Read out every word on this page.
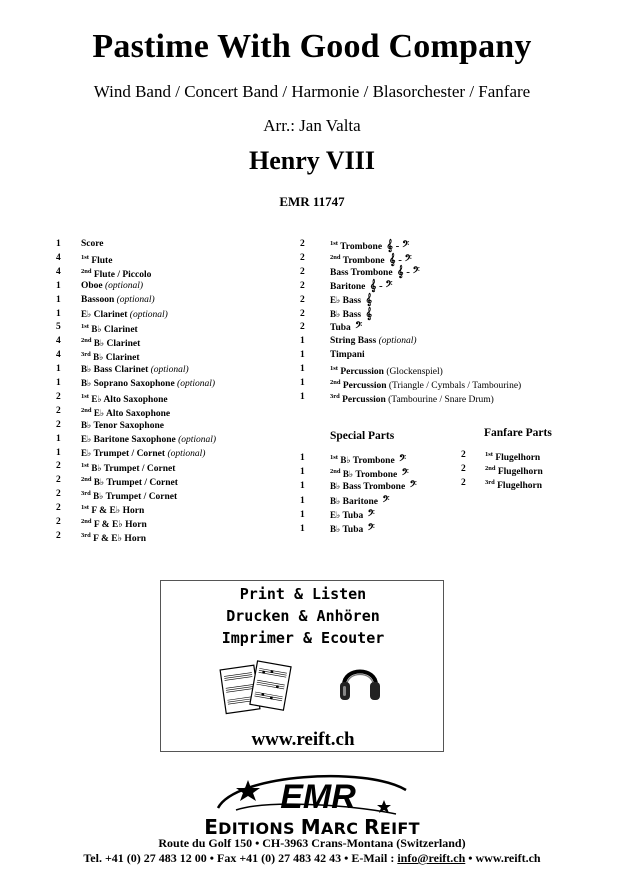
Pastime With Good Company
Wind Band / Concert Band / Harmonie / Blasorchester / Fanfare
Arr.: Jan Valta
Henry VIII
EMR 11747
1 Score
4	$^{1st}$ Flute
4	$^{2nd}$ Flute / Piccolo
1 Oboe (optional)
1 Bassoon (optional)
1 E♭ Clarinet (optional)
5	$^{1st}$ B♭ Clarinet
4	$^{2nd}$ B♭ Clarinet
4	$^{3rd}$ B♭ Clarinet
1 B♭ Bass Clarinet (optional)
1 B♭ Soprano Saxophone (optional)
2	$^{1st}$ E♭ Alto Saxophone
2	$^{2nd}$ E♭ Alto Saxophone
2 B♭ Tenor Saxophone
1 E♭ Baritone Saxophone (optional)
1 E♭ Trumpet / Cornet (optional)
2	$^{1st}$ B♭ Trumpet / Cornet
2	$^{2nd}$ B♭ Trumpet / Cornet
2	$^{3rd}$ B♭ Trumpet / Cornet
2	$^{1st}$ F & E♭ Horn
2	$^{2nd}$ F & E♭ Horn
2	$^{3rd}$ F & E♭ Horn
2	$^{1st}$ Trombone 𝄞 - 𝄢
2	$^{2nd}$ Trombone 𝄞 - 𝄢
2	Bass Trombone 𝄞 - 𝄢
2	Baritone 𝄞 - 𝄢
2	E♭ Bass 𝄞
2	B♭ Bass 𝄞
2	Tuba 𝄢
1	String Bass (optional)
1	Timpani
1	$^{1st}$ Percussion (Glockenspiel)
1	$^{2nd}$ Percussion (Triangle / Cymbals / Tambourine)
1	$^{3rd}$ Percussion (Tambourine / Snare Drum)
Special Parts
1	$^{1st}$ B♭ Trombone 𝄢
1	$^{2nd}$ B♭ Trombone 𝄢
1	B♭ Bass Trombone 𝄢
1	B♭ Baritone 𝄢
1	E♭ Tuba 𝄢
1	B♭ Tuba 𝄢
Fanfare Parts
2	$^{1st}$ Flugelhorn
2	$^{2nd}$ Flugelhorn
2	$^{3rd}$ Flugelhorn
Print & Listen
Drucken & Anhören
Imprimer & Ecouter
www.reift.ch
EMR
EDITIONS MARC REIFT
Route du Golf 150 • CH-3963 Crans-Montana (Switzerland)
Tel. +41 (0) 27 483 12 00 • Fax +41 (0) 27 483 42 43 • E-Mail : info@reift.ch • www.reift.ch
